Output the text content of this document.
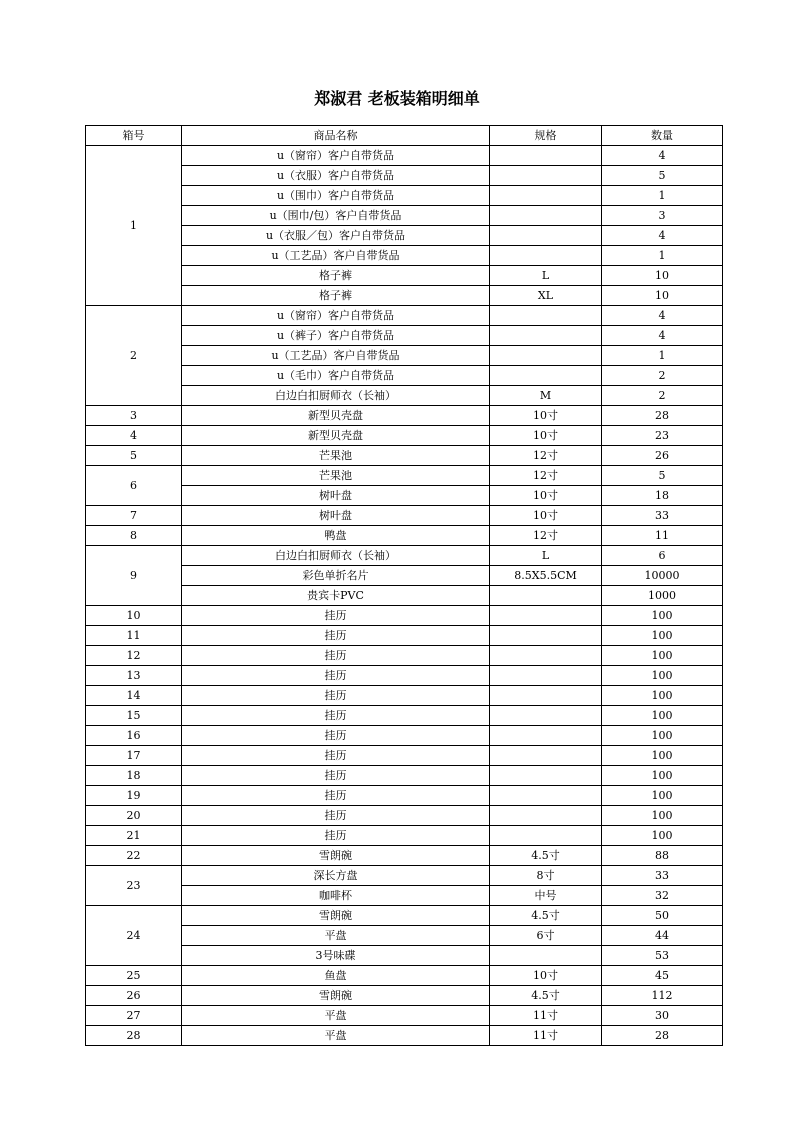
郑淑君 老板装箱明细单
箱号	商品名称	规格	数量
1	u（窗帘）客户自带货品		4
	u（衣服）客户自带货品		5
	u（围巾）客户自带货品		1
	u（围巾/包）客户自带货品		3
	u（衣服／包）客户自带货品		4
	u（工艺品）客户自带货品		1
	格子裤	L	10
	格子裤	XL	10
2	u（窗帘）客户自带货品		4
	u（裤子）客户自带货品		4
	u（工艺品）客户自带货品		1
	u（毛巾）客户自带货品		2
	白边白扣厨师衣（长袖）	M	2
3	新型贝壳盘	10寸	28
4	新型贝壳盘	10寸	23
5	芒果池	12寸	26
6	芒果池	12寸	5
	树叶盘	10寸	18
7	树叶盘	10寸	33
8	鸭盘	12寸	11
9	白边白扣厨师衣（长袖）	L	6
	彩色单折名片	8.5X5.5CM	10000
	贵宾卡PVC		1000
10	挂历		100
11	挂历		100
12	挂历		100
13	挂历		100
14	挂历		100
15	挂历		100
16	挂历		100
17	挂历		100
18	挂历		100
19	挂历		100
20	挂历		100
21	挂历		100
22	雪朗碗	4.5寸	88
23	深长方盘	8寸	33
	咖啡杯	中号	32
24	雪朗碗	4.5寸	50
	平盘	6寸	44
	3号味碟		53
25	鱼盘	10寸	45
26	雪朗碗	4.5寸	112
27	平盘	11寸	30
28	平盘	11寸	28
